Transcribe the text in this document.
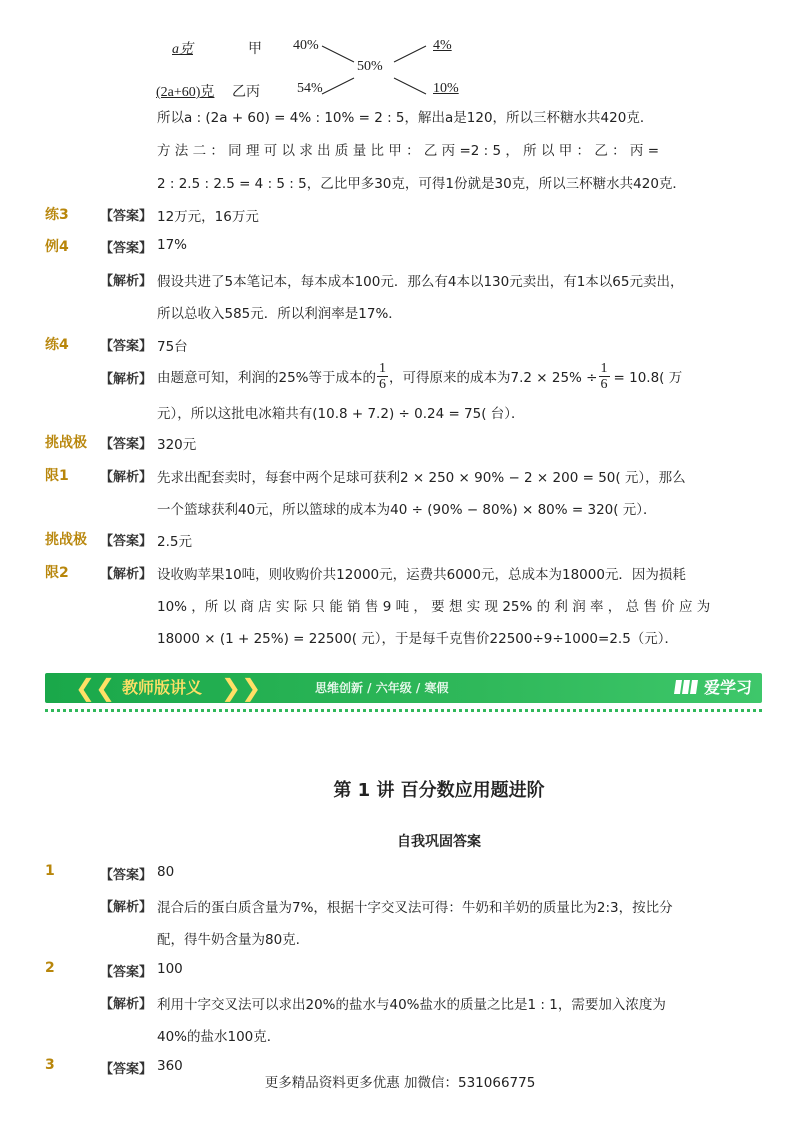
a克	甲 40%
50%
4%
(2a+60)克 乙丙	54%	10%
所以a : (2a + 60) = 4% : 10% = 2 : 5，解出a是120，所以三杯糖水共420克．
方 法 二 ： 同 理 可 以 求 出 质 量 比 甲 ： 乙 丙 =2 : 5 ， 所 以 甲 ： 乙 ： 丙 =
2 : 2.5 : 2.5 = 4 : 5 : 5，乙比甲多30克，可得1份就是30克，所以三杯糖水共420克．
练3 【答案】 12万元，16万元
例4 【答案】 17%
【解析】 假设共进了5本笔记本，每本成本100元．那么有4本以130元卖出，有1本以65元卖出，
所以总收入585元．所以利润率是17%．
练4 【答案】 75台
【解析】 由题意可知，利润的25%等于成本的 $\frac{1}{6}$ ，可得原来的成本为$7.2 \times 25\% \div \frac{1}{6} = 10.8$( 万
元），所以这批电冰箱共有(10.8 + 7.2) ÷ 0.24 = 75( 台）．
挑战极 【答案】 320元
限1 【解析】 先求出配套卖时，每套中两个足球可获利2 × 250 × 90% − 2 × 200 = 50( 元），那么
一个篮球获利40元，所以篮球的成本为40 ÷ (90% − 80%) × 80% = 320( 元）．
挑战极 【答案】 2.5元
限2 【解析】 设收购苹果10吨，则收购价共12000元，运费共6000元，总成本为18000元．因为损耗
10% ，所 以 商 店 实 际 只 能 销 售 9 吨 ， 要 想 实 现 25% 的 利 润 率 ， 总 售 价 应 为
18000 × (1 + 25%) = 22500( 元），于是每千克售价22500÷9÷1000=2.5（元）．
❮❮ 教师版讲义 ❯❯	思维创新 / 六年级 / 寒假	爱学习
第 1 讲 百分数应用题进阶
自我巩固答案
1	【答案】 80
【解析】 混合后的蛋白质含量为7%，根据十字交叉法可得：牛奶和羊奶的质量比为2:3，按比分
配，得牛奶含量为80克.
2	【答案】 100
【解析】 利用十字交叉法可以求出20%的盐水与40%盐水的质量之比是1 : 1，需要加入浓度为
40%的盐水100克．
3	【答案】 360
更多精品资料更多优惠 加微信：531066775
